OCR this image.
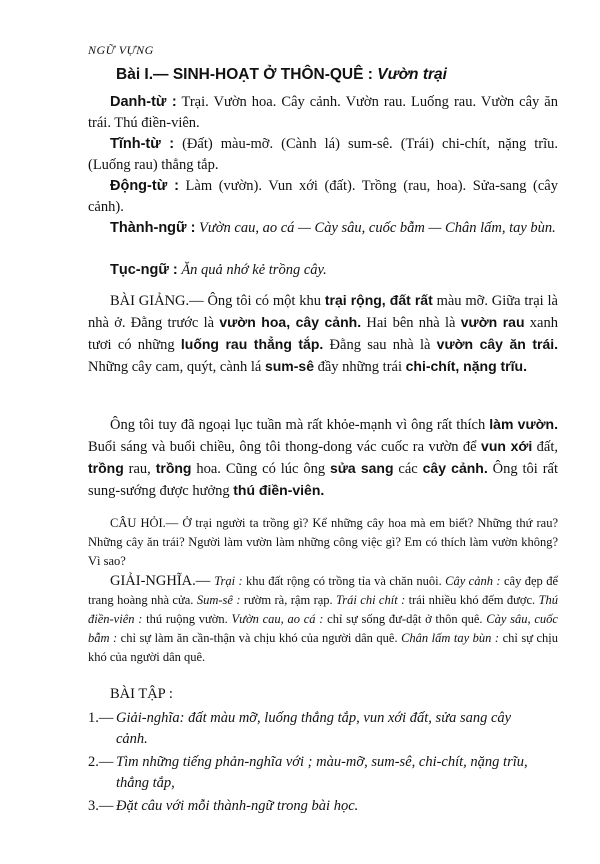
NGỮ VỰNG
Bài I.— SINH-HOẠT Ở THÔN-QUÊ : Vườn trại
Danh-từ : Trại. Vườn hoa. Cây cảnh. Vườn rau. Luống rau. Vườn cây ăn trái. Thú điền-viên.
Tĩnh-từ : (Đất) màu-mỡ. (Cành lá) sum-sê. (Trái) chi-chít, nặng trĩu. (Luống rau) thẳng tắp.
Động-từ : Làm (vườn). Vun xới (đất). Trồng (rau, hoa). Sửa-sang (cây cảnh).
Thành-ngữ : Vườn cau, ao cá — Cày sâu, cuốc bẫm — Chân lấm, tay bùn.
Tục-ngữ : Ăn quả nhớ kẻ trồng cây.
BÀI GIẢNG.— Ông tôi có một khu trại rộng, đất rất màu mỡ. Giữa trại là nhà ở. Đằng trước là vườn hoa, cây cảnh. Hai bên nhà là vườn rau xanh tươi có những luống rau thẳng tắp. Đằng sau nhà là vườn cây ăn trái. Những cây cam, quýt, cành lá sum-sê đầy những trái chi-chít, nặng trĩu.
Ông tôi tuy đã ngoại lục tuần mà rất khỏe-mạnh vì ông rất thích làm vườn. Buổi sáng và buổi chiều, ông tôi thong-dong vác cuốc ra vườn để vun xới đất, trồng rau, trồng hoa. Cũng có lúc ông sửa sang các cây cảnh. Ông tôi rất sung-sướng được hưởng thú điền-viên.
CÂU HỎI.— Ở trại người ta trồng gì? Kể những cây hoa mà em biết? Những thứ rau? Những cây ăn trái? Người làm vườn làm những công việc gì? Em có thích làm vườn không? Vì sao?
GIẢI-NGHĨA.— Trại : khu đất rộng có trồng tỉa và chăn nuôi. Cây cảnh : cây đẹp để trang hoàng nhà cửa. Sum-sê : rườm rà, rậm rạp. Trái chi chít : trái nhiều khó đếm được. Thú điền-viên : thú ruộng vườn. Vườn cau, ao cá : chỉ sự sống đư-dật ở thôn quê. Cày sâu, cuốc bẫm : chỉ sự làm ăn cần-thận và chịu khó của người dân quê. Chân lấm tay bùn : chỉ sự chịu khó của người dân quê.
BÀI TẬP :
1.— Giải-nghĩa: đất màu mỡ, luống thẳng tắp, vun xới đất, sửa sang cây cảnh.
2.— Tìm những tiếng phản-nghĩa với ; màu-mỡ, sum-sê, chi-chít, nặng trĩu, thẳng tắp,
3.— Đặt câu với mỗi thành-ngữ trong bài học.
